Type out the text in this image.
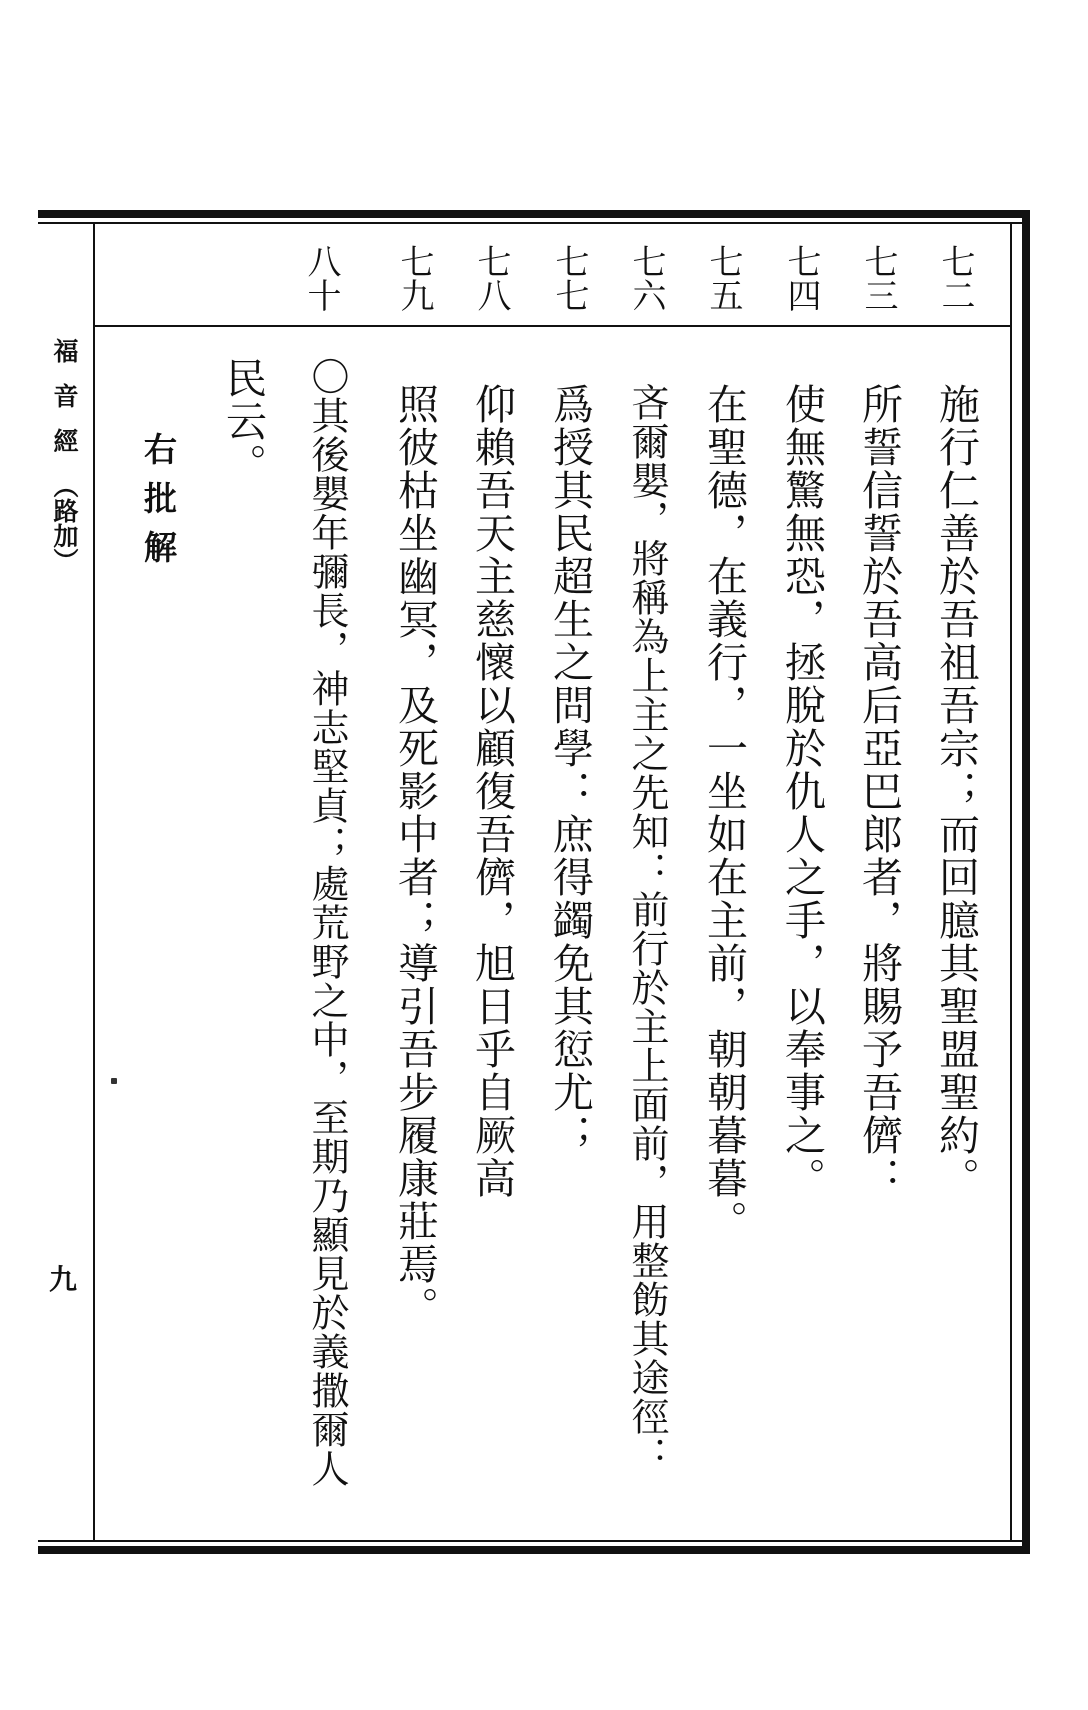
福音經（路加）
九
七二
七三
七四
七五
七六
七七
七八
七九
八十
施行仁善於吾祖吾宗；而回臆其聖盟聖約。
所誓信誓於吾高后亞巴郎者，將賜予吾儕：
使無驚無恐，拯脫於仇人之手，以奉事之。
在聖德，在義行，一坐如在主前，朝朝暮暮。
吝爾嬰，將稱為上主之先知：前行於主上面前，用整飭其途徑：
爲授其民超生之問學：庶得蠲免其愆尤；
仰賴吾天主慈懷以顧復吾儕，旭日乎自厥高
照彼枯坐幽冥，及死影中者；導引吾步履康莊焉。
〇其後嬰年彌長，神志堅貞；處荒野之中，至期乃顯見於義撒爾人
民云。
右批解
